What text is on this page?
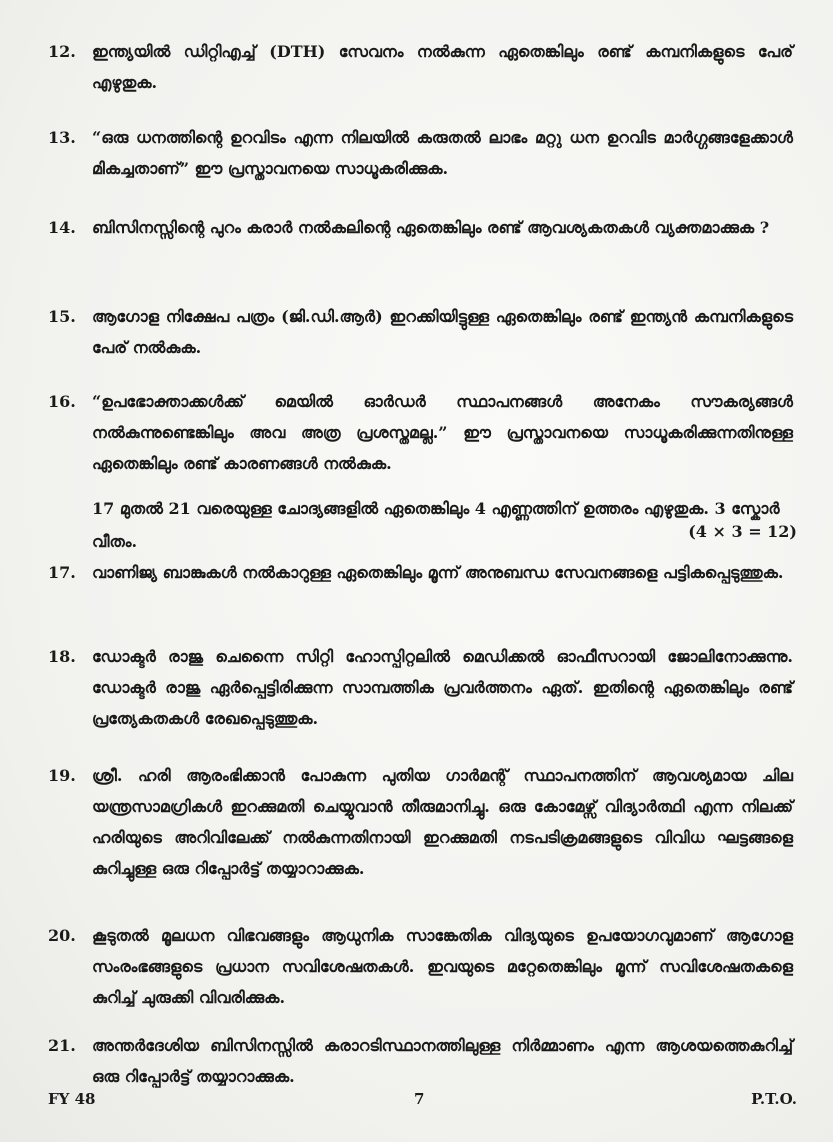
12.	ഇന്ത്യയിൽ ഡിറ്റിഎച്ച് (DTH) സേവനം നൽകുന്ന ഏതെങ്കിലും രണ്ട് കമ്പനികളുടെ പേര് എഴുതുക.
13.	“ഒരു ധനത്തിന്റെ ഉറവിടം എന്ന നിലയിൽ കരുതൽ ലാഭം മറ്റു ധന ഉറവിട മാർഗ്ഗങ്ങളേക്കാൾ മികച്ചതാണ്” ഈ പ്രസ്താവനയെ സാധൂകരിക്കുക.
14.	ബിസിനസ്സിന്റെ പുറം കരാർ നൽകലിന്റെ ഏതെങ്കിലും രണ്ട് ആവശ്യകതകൾ വ്യക്തമാക്കുക ?
15.	ആഗോള നിക്ഷേപ പത്രം (ജി.ഡി.ആർ) ഇറക്കിയിട്ടുള്ള ഏതെങ്കിലും രണ്ട് ഇന്ത്യൻ കമ്പനികളുടെ പേര് നൽകുക.
16.	“ഉപഭോക്താക്കൾക്ക് മെയിൽ ഓർഡർ സ്ഥാപനങ്ങൾ അനേകം സൗകര്യങ്ങൾ നൽകുന്നുണ്ടെങ്കിലും അവ അത്ര പ്രശസ്തമല്ല.” ഈ പ്രസ്താവനയെ സാധൂകരിക്കുന്നതിനുള്ള ഏതെങ്കിലും രണ്ട് കാരണങ്ങൾ നൽകുക.
17 മുതൽ 21 വരെയുള്ള ചോദ്യങ്ങളിൽ ഏതെങ്കിലും 4 എണ്ണത്തിന് ഉത്തരം എഴുതുക. 3 സ്കോർ വീതം.
(4 × 3 = 12)
17.	വാണിജ്യ ബാങ്കുകൾ നൽകാറുള്ള ഏതെങ്കിലും മൂന്ന് അനുബന്ധ സേവനങ്ങളെ പട്ടികപ്പെടുത്തുക.
18.	ഡോക്ടർ രാജു ചെന്നൈ സിറ്റി ഹോസ്പിറ്റലിൽ മെഡിക്കൽ ഓഫീസറായി ജോലിനോക്കുന്നു. ഡോക്ടർ രാജു ഏർപ്പെട്ടിരിക്കുന്ന സാമ്പത്തിക പ്രവർത്തനം ഏത്. ഇതിന്റെ ഏതെങ്കിലും രണ്ട് പ്രത്യേകതകൾ രേഖപ്പെടുത്തുക.
19.	ശ്രീ. ഹരി ആരംഭിക്കാൻ പോകുന്ന പുതിയ ഗാർമന്റ് സ്ഥാപനത്തിന് ആവശ്യമായ ചില യന്ത്രസാമഗ്രികൾ ഇറക്കുമതി ചെയ്യുവാൻ തീരുമാനിച്ചു. ഒരു കോമേഴ്സ് വിദ്യാർത്ഥി എന്ന നിലക്ക് ഹരിയുടെ അറിവിലേക്ക് നൽകുന്നതിനായി ഇറക്കുമതി നടപടിക്രമങ്ങളുടെ വിവിധ ഘട്ടങ്ങളെ കുറിച്ചുള്ള ഒരു റിപ്പോർട്ട് തയ്യാറാക്കുക.
20.	കൂടുതൽ മൂലധന വിഭവങ്ങളും ആധുനിക സാങ്കേതിക വിദ്യയുടെ ഉപയോഗവുമാണ് ആഗോള സംരംഭങ്ങളുടെ പ്രധാന സവിശേഷതകൾ. ഇവയുടെ മറ്റേതെങ്കിലും മൂന്ന് സവിശേഷതകളെ കുറിച്ച് ചുരുക്കി വിവരിക്കുക.
21.	അന്തർദേശിയ ബിസിനസ്സിൽ കരാറടിസ്ഥാനത്തിലുള്ള നിർമ്മാണം എന്ന ആശയത്തെകുറിച്ച് ഒരു റിപ്പോർട്ട് തയ്യാറാക്കുക.
FY 48	7	P.T.O.
